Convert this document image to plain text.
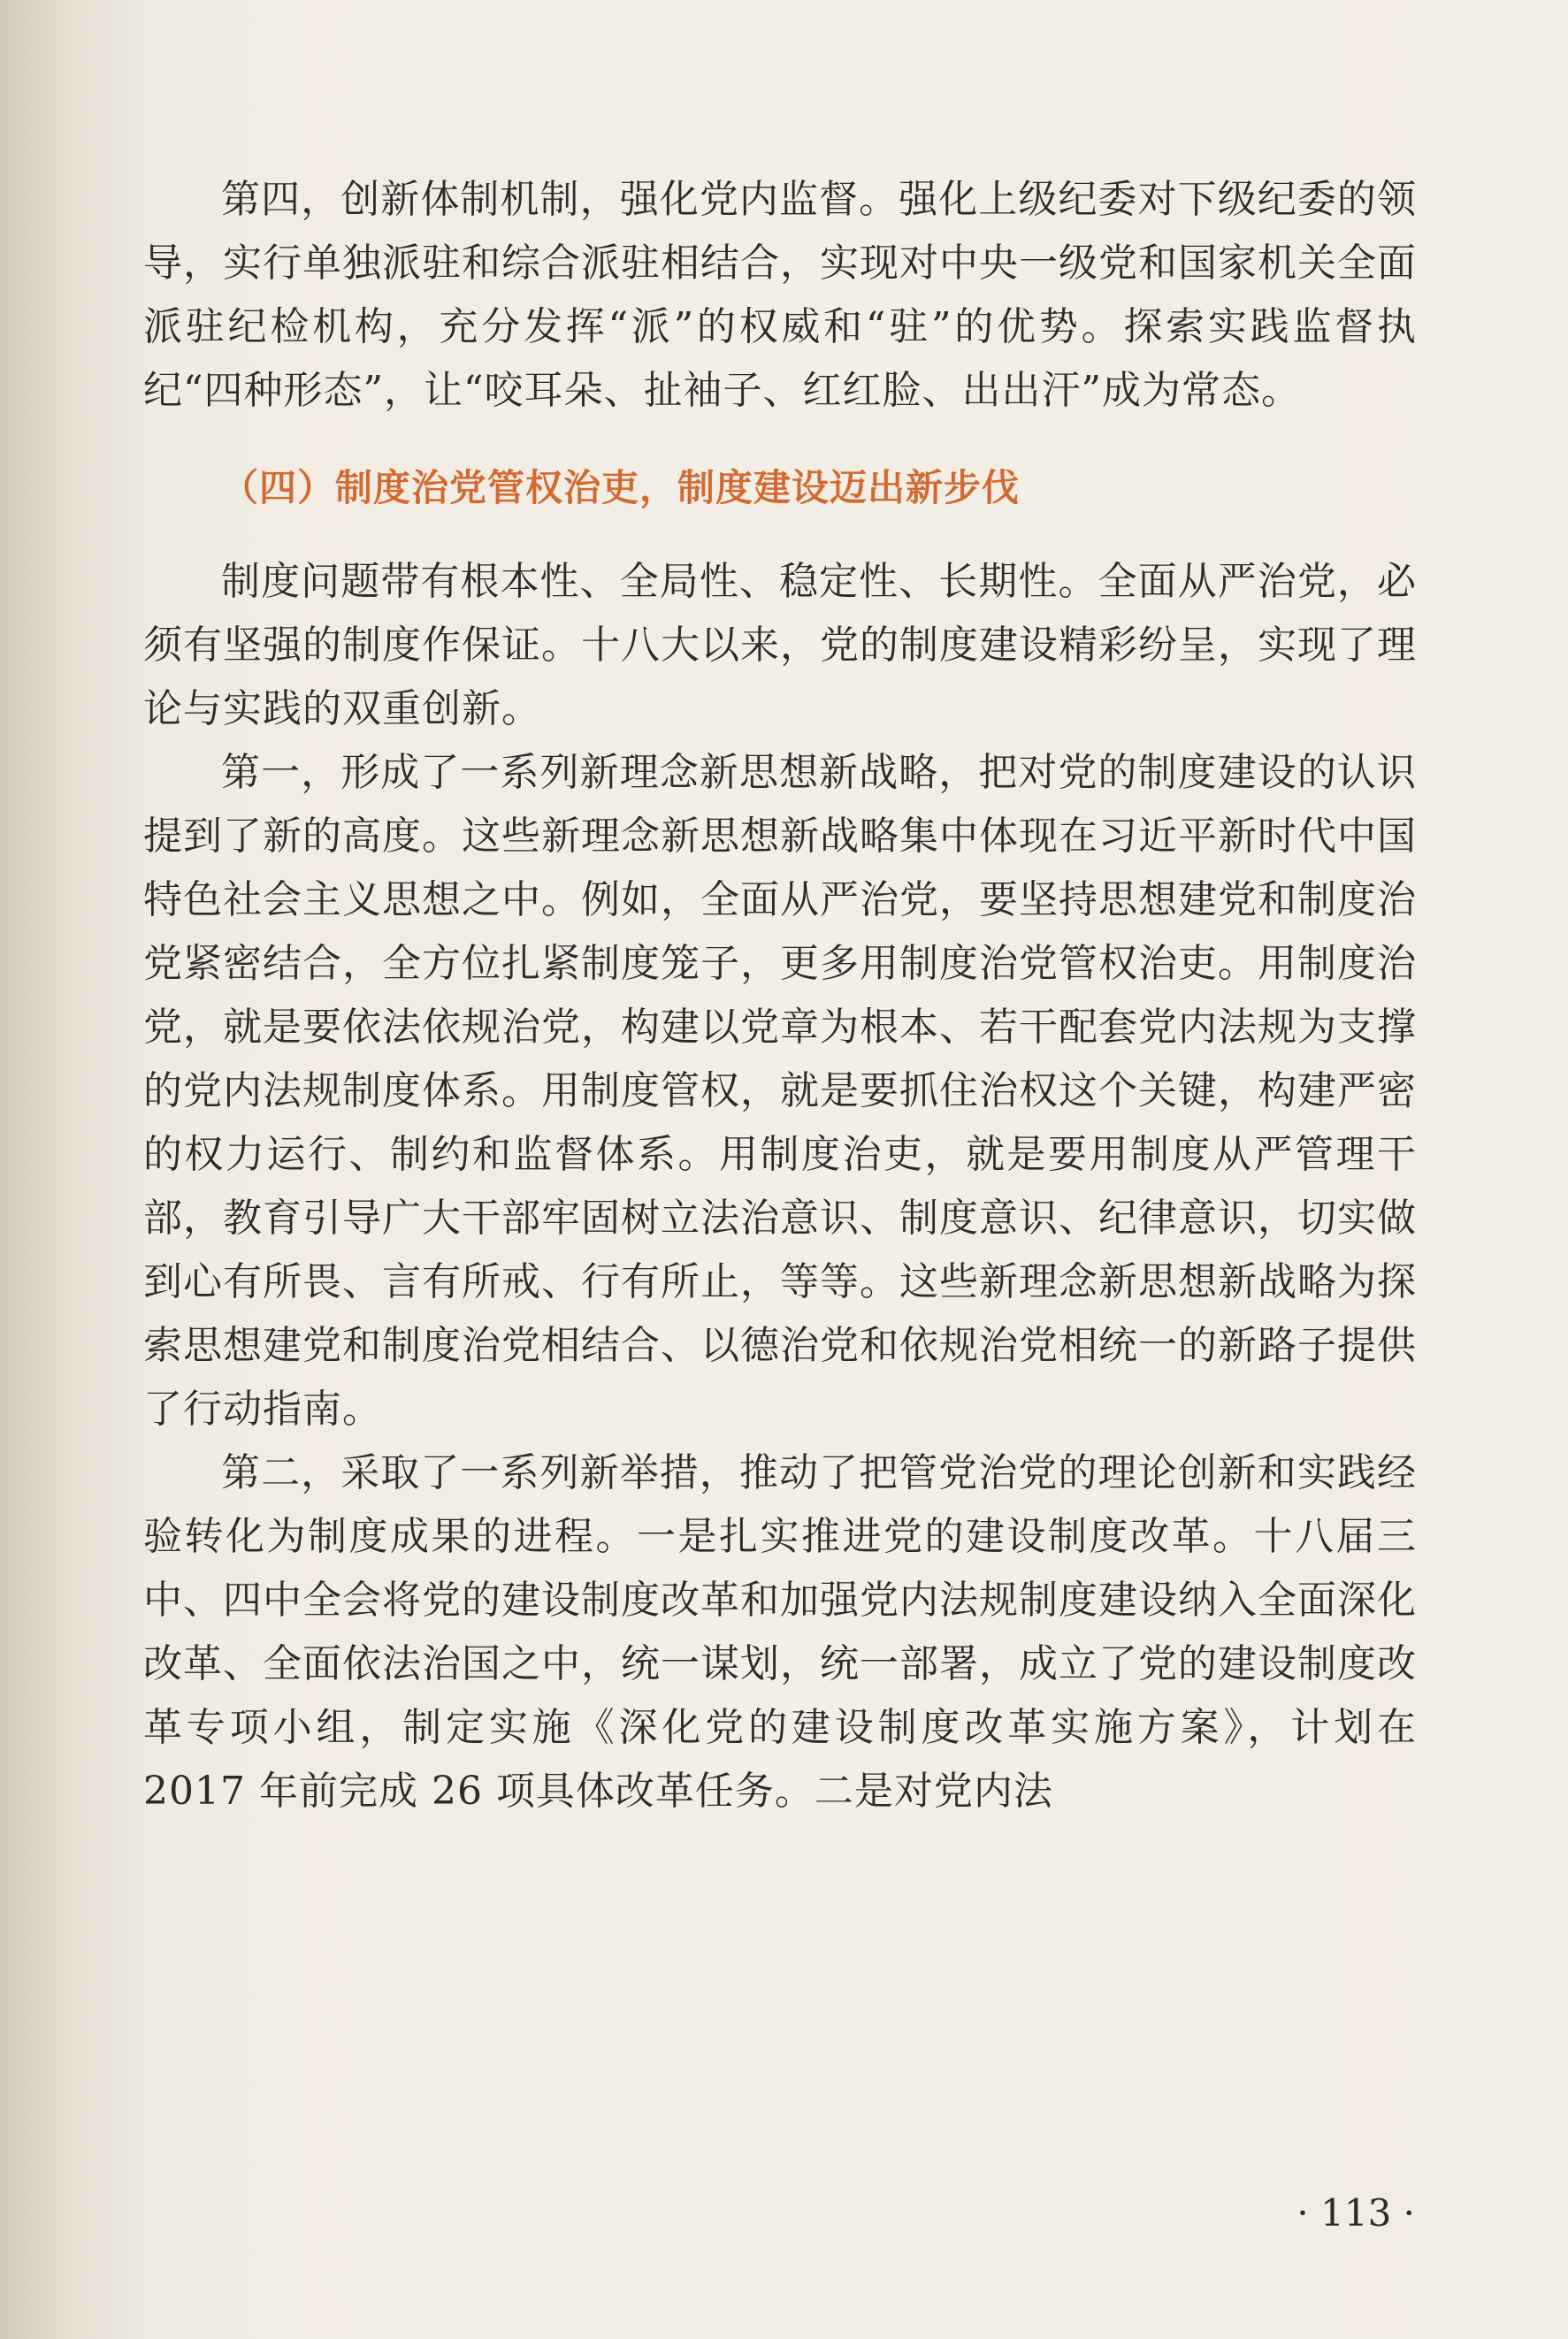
第四，创新体制机制，强化党内监督。强化上级纪委对下级纪委的领导，实行单独派驻和综合派驻相结合，实现对中央一级党和国家机关全面派驻纪检机构，充分发挥“派”的权威和“驻”的优势。探索实践监督执纪“四种形态”，让“咬耳朵、扯袖子、红红脸、出出汗”成为常态。

（四）制度治党管权治吏，制度建设迈出新步伐

制度问题带有根本性、全局性、稳定性、长期性。全面从严治党，必须有坚强的制度作保证。十八大以来，党的制度建设精彩纷呈，实现了理论与实践的双重创新。

第一，形成了一系列新理念新思想新战略，把对党的制度建设的认识提到了新的高度。这些新理念新思想新战略集中体现在习近平新时代中国特色社会主义思想之中。例如，全面从严治党，要坚持思想建党和制度治党紧密结合，全方位扎紧制度笼子，更多用制度治党管权治吏。用制度治党，就是要依法依规治党，构建以党章为根本、若干配套党内法规为支撑的党内法规制度体系。用制度管权，就是要抓住治权这个关键，构建严密的权力运行、制约和监督体系。用制度治吏，就是要用制度从严管理干部，教育引导广大干部牢固树立法治意识、制度意识、纪律意识，切实做到心有所畏、言有所戒、行有所止，等等。这些新理念新思想新战略为探索思想建党和制度治党相结合、以德治党和依规治党相统一的新路子提供了行动指南。

第二，采取了一系列新举措，推动了把管党治党的理论创新和实践经验转化为制度成果的进程。一是扎实推进党的建设制度改革。十八届三中、四中全会将党的建设制度改革和加强党内法规制度建设纳入全面深化改革、全面依法治国之中，统一谋划，统一部署，成立了党的建设制度改革专项小组，制定实施《深化党的建设制度改革实施方案》，计划在 2017 年前完成 26 项具体改革任务。二是对党内法

· 113 ·
